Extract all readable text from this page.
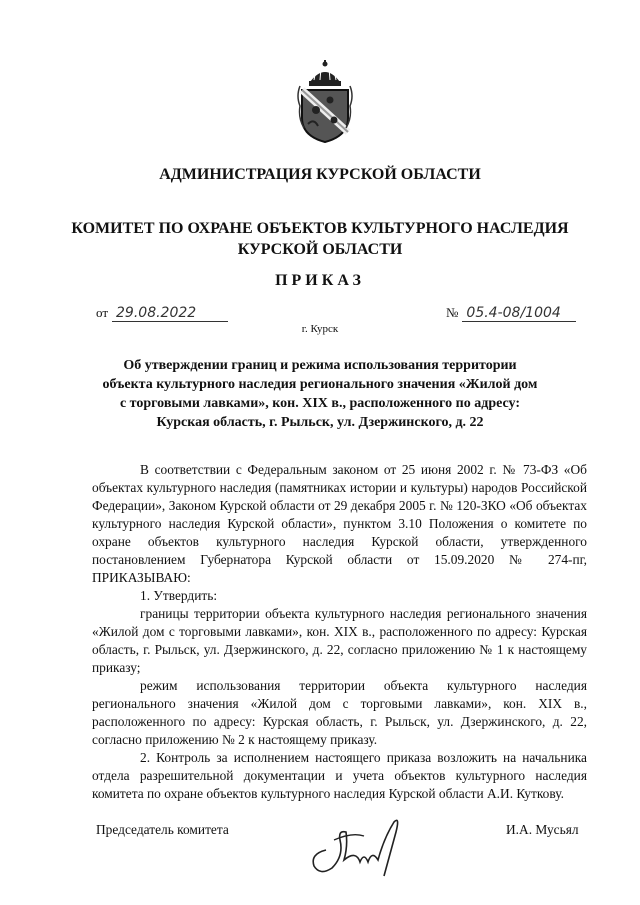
АДМИНИСТРАЦИЯ КУРСКОЙ ОБЛАСТИ
КОМИТЕТ ПО ОХРАНЕ ОБЪЕКТОВ КУЛЬТУРНОГО НАСЛЕДИЯ
КУРСКОЙ ОБЛАСТИ
ПРИКАЗ
от 29.08.2022	№ 05.4-08/1004
г. Курск
Об утверждении границ и режима использования территории
объекта культурного наследия регионального значения «Жилой дом
с торговыми лавками», кон. XIX в., расположенного по адресу:
Курская область, г. Рыльск, ул. Дзержинского, д. 22

В соответствии с Федеральным законом от 25 июня 2002 г. № 73-ФЗ «Об объектах культурного наследия (памятниках истории и культуры) народов Российской Федерации», Законом Курской области от 29 декабря 2005 г. № 120-ЗКО «Об объектах культурного наследия Курской области», пунктом 3.10 Положения о комитете по охране объектов культурного наследия Курской области, утвержденного постановлением Губернатора Курской области от 15.09.2020 № 274-пг, ПРИКАЗЫВАЮ:

1. Утвердить:

границы территории объекта культурного наследия регионального значения «Жилой дом с торговыми лавками», кон. XIX в., расположенного по адресу: Курская область, г. Рыльск, ул. Дзержинского, д. 22, согласно приложению № 1 к настоящему приказу;

режим использования территории объекта культурного наследия регионального значения «Жилой дом с торговыми лавками», кон. XIX в., расположенного по адресу: Курская область, г. Рыльск, ул. Дзержинского, д. 22, согласно приложению № 2 к настоящему приказу.

2. Контроль за исполнением настоящего приказа возложить на начальника отдела разрешительной документации и учета объектов культурного наследия комитета по охране объектов культурного наследия Курской области А.И. Куткову.

Председатель комитета	И.А. Мусьял
